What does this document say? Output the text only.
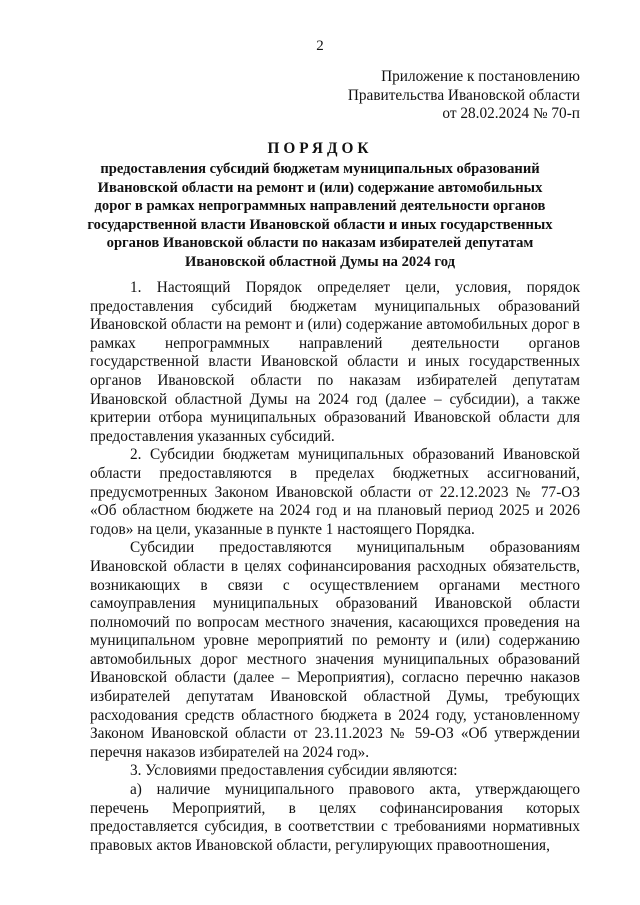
2
Приложение к постановлению
Правительства Ивановской области
от 28.02.2024 № 70-п
ПОРЯДОК
предоставления субсидий бюджетам муниципальных образований Ивановской области на ремонт и (или) содержание автомобильных дорог в рамках непрограммных направлений деятельности органов государственной власти Ивановской области и иных государственных органов Ивановской области по наказам избирателей депутатам Ивановской областной Думы на 2024 год

1. Настоящий Порядок определяет цели, условия, порядок предоставления субсидий бюджетам муниципальных образований Ивановской области на ремонт и (или) содержание автомобильных дорог в рамках непрограммных направлений деятельности органов государственной власти Ивановской области и иных государственных органов Ивановской области по наказам избирателей депутатам Ивановской областной Думы на 2024 год (далее – субсидии), а также критерии отбора муниципальных образований Ивановской области для предоставления указанных субсидий.

2. Субсидии бюджетам муниципальных образований Ивановской области предоставляются в пределах бюджетных ассигнований, предусмотренных Законом Ивановской области от 22.12.2023 № 77-ОЗ «Об областном бюджете на 2024 год и на плановый период 2025 и 2026 годов» на цели, указанные в пункте 1 настоящего Порядка.

Субсидии предоставляются муниципальным образованиям Ивановской области в целях софинансирования расходных обязательств, возникающих в связи с осуществлением органами местного самоуправления муниципальных образований Ивановской области полномочий по вопросам местного значения, касающихся проведения на муниципальном уровне мероприятий по ремонту и (или) содержанию автомобильных дорог местного значения муниципальных образований Ивановской области (далее – Мероприятия), согласно перечню наказов избирателей депутатам Ивановской областной Думы, требующих расходования средств областного бюджета в 2024 году, установленному Законом Ивановской области от 23.11.2023 № 59-ОЗ «Об утверждении перечня наказов избирателей на 2024 год».

3. Условиями предоставления субсидии являются:

а) наличие муниципального правового акта, утверждающего перечень Мероприятий, в целях софинансирования которых предоставляется субсидия, в соответствии с требованиями нормативных правовых актов Ивановской области, регулирующих правоотношения,
